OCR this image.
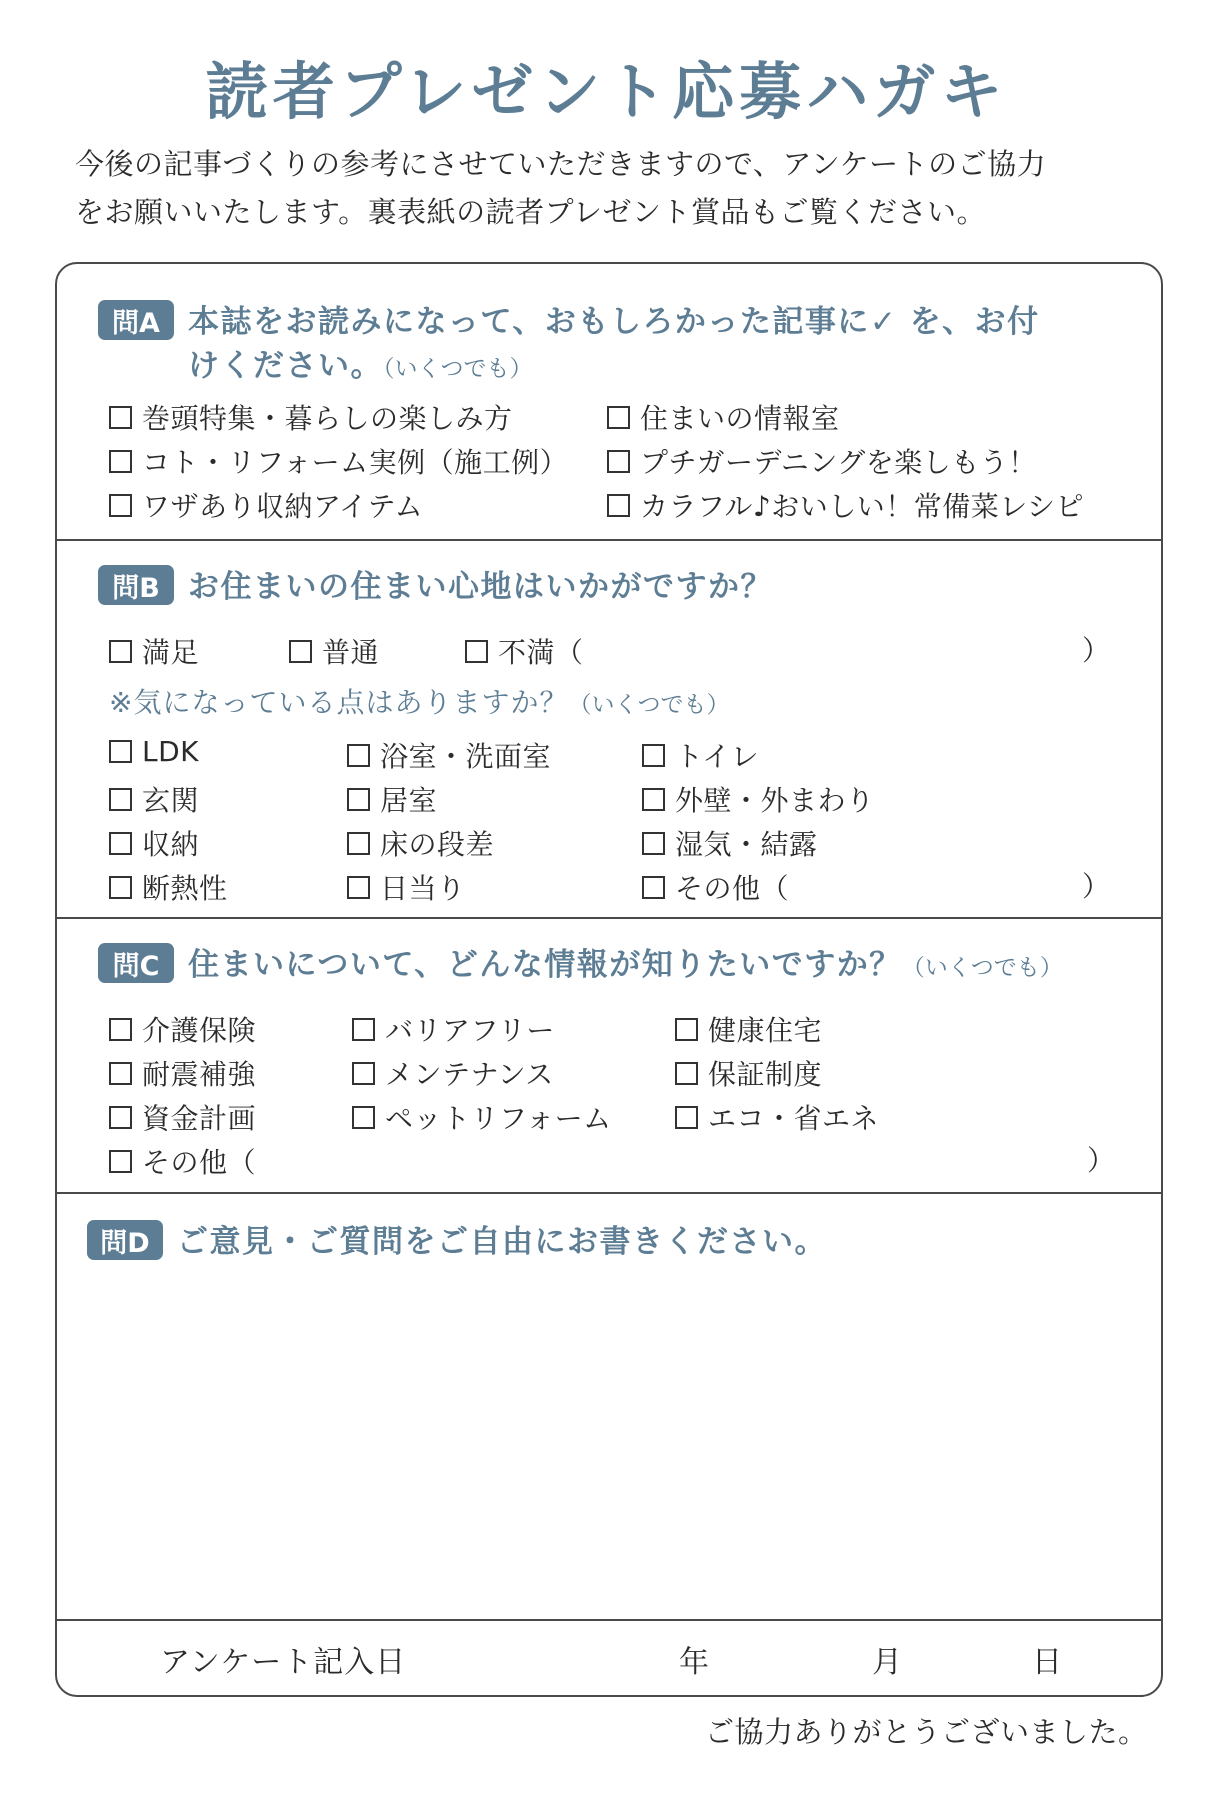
読者プレゼント応募ハガキ
今後の記事づくりの参考にさせていただきますので、アンケートのご協力
をお願いいたします。裏表紙の読者プレゼント賞品もご覧ください。
問A 本誌をお読みになって、おもしろかった記事に✓ を、お付
けください。（いくつでも）
巻頭特集・暮らしの楽しみ方	住まいの情報室
コト・リフォーム実例（施工例）	プチガーデニングを楽しもう！
ワザあり収納アイテム	カラフル♪おいしい！常備菜レシピ
問B お住まいの住まい心地はいかがですか？
満足	普通	不満（	）
※気になっている点はありますか？（いくつでも）
LDK	浴室・洗面室	トイレ
玄関	居室	外壁・外まわり
収納	床の段差	湿気・結露
断熱性	日当り	その他（	）
問C 住まいについて、どんな情報が知りたいですか？（いくつでも）
介護保険	バリアフリー	健康住宅
耐震補強	メンテナンス	保証制度
資金計画	ペットリフォーム	エコ・省エネ
その他（	）
問D ご意見・ご質問をご自由にお書きください。
アンケート記入日	年	月	日
ご協力ありがとうございました。
